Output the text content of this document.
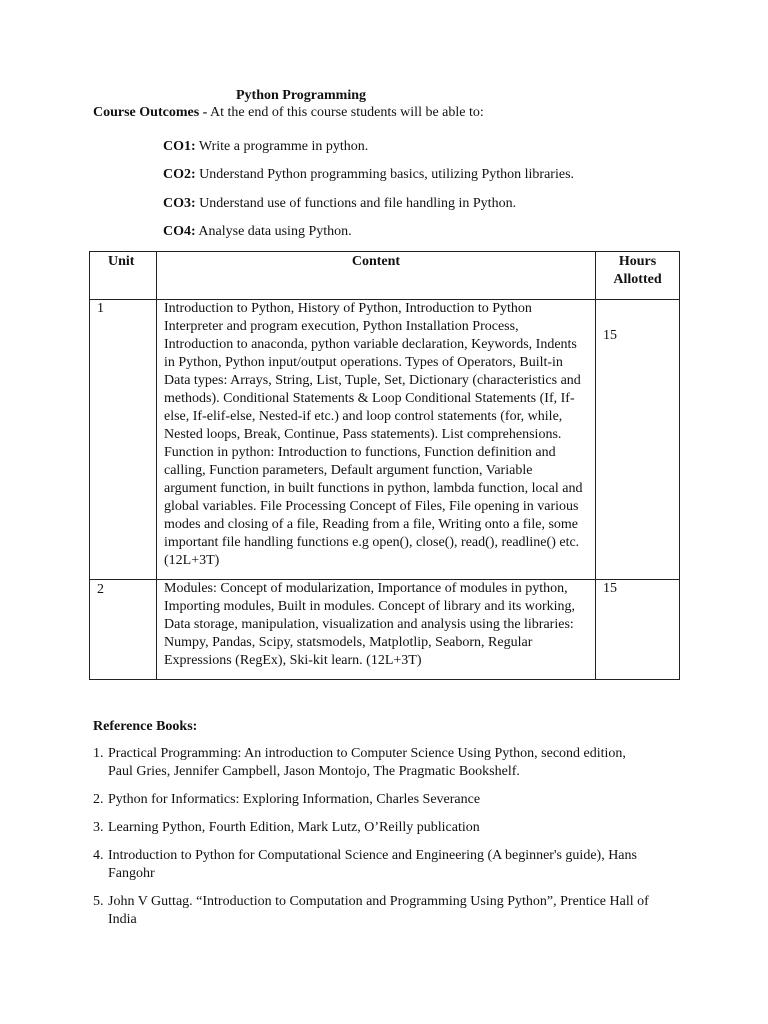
Python Programming
Course Outcomes - At the end of this course students will be able to:
CO1: Write a programme in python.
CO2: Understand Python programming basics, utilizing Python libraries.
CO3: Understand use of functions and file handling in Python.
CO4: Analyse data using Python.
Unit	Content	Hours Allotted
1	Introduction to Python, History of Python, Introduction to Python Interpreter and program execution, Python Installation Process, Introduction to anaconda, python variable declaration, Keywords, Indents in Python, Python input/output operations. Types of Operators, Built-in Data types: Arrays, String, List, Tuple, Set, Dictionary (characteristics and methods). Conditional Statements & Loop Conditional Statements (If, If-else, If-elif-else, Nested-if etc.) and loop control statements (for, while, Nested loops, Break, Continue, Pass statements). List comprehensions. Function in python: Introduction to functions, Function definition and calling, Function parameters, Default argument function, Variable argument function, in built functions in python, lambda function, local and global variables. File Processing Concept of Files, File opening in various modes and closing of a file, Reading from a file, Writing onto a file, some important file handling functions e.g open(), close(), read(), readline() etc. (12L+3T)	15
2	Modules: Concept of modularization, Importance of modules in python, Importing modules, Built in modules. Concept of library and its working, Data storage, manipulation, visualization and analysis using the libraries: Numpy, Pandas, Scipy, statsmodels, Matplotlip, Seaborn, Regular Expressions (RegEx), Ski-kit learn. (12L+3T)	15
Reference Books:
1. Practical Programming: An introduction to Computer Science Using Python, second edition, Paul Gries, Jennifer Campbell, Jason Montojo, The Pragmatic Bookshelf.
2. Python for Informatics: Exploring Information, Charles Severance
3. Learning Python, Fourth Edition, Mark Lutz, O’Reilly publication
4. Introduction to Python for Computational Science and Engineering (A beginner's guide), Hans Fangohr
5. John V Guttag. “Introduction to Computation and Programming Using Python”, Prentice Hall of India
